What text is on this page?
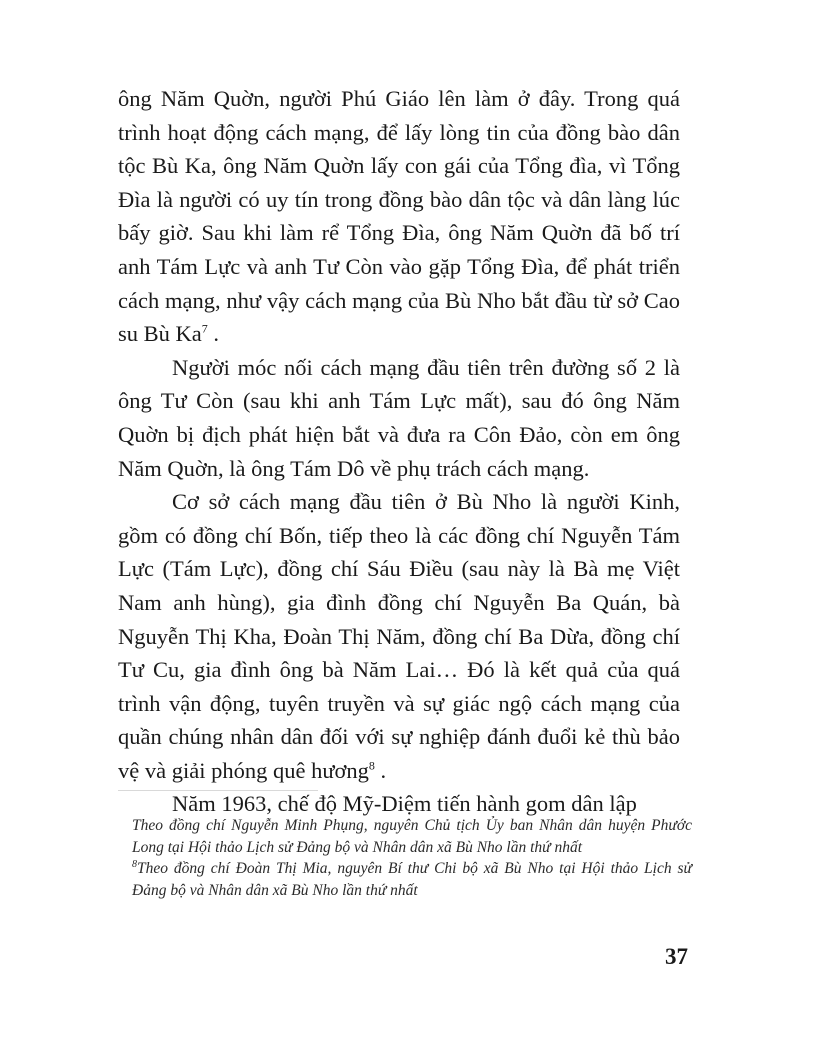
ông Năm Quờn, người Phú Giáo lên làm ở đây. Trong quá trình hoạt động cách mạng, để lấy lòng tin của đồng bào dân tộc Bù Ka, ông Năm Quờn lấy con gái của Tổng đìa, vì Tổng Đìa là người có uy tín trong đồng bào dân tộc và dân làng lúc bấy giờ. Sau khi làm rể Tổng Đìa, ông Năm Quờn đã bố trí anh Tám Lực và anh Tư Còn vào gặp Tổng Đìa, để phát triển cách mạng, như vậy cách mạng của Bù Nho bắt đầu từ sở Cao su Bù Ka$^7$ .

Người móc nối cách mạng đầu tiên trên đường số 2 là ông Tư Còn (sau khi anh Tám Lực mất), sau đó ông Năm Quờn bị địch phát hiện bắt và đưa ra Côn Đảo, còn em ông Năm Quờn, là ông Tám Dô về phụ trách cách mạng.

Cơ sở cách mạng đầu tiên ở Bù Nho là người Kinh, gồm có đồng chí Bốn, tiếp theo là các đồng chí Nguyễn Tám Lực (Tám Lực), đồng chí Sáu Điều (sau này là Bà mẹ Việt Nam anh hùng), gia đình đồng chí Nguyễn Ba Quán, bà Nguyễn Thị Kha, Đoàn Thị Năm, đồng chí Ba Dừa, đồng chí Tư Cu, gia đình ông bà Năm Lai… Đó là kết quả của quá trình vận động, tuyên truyền và sự giác ngộ cách mạng của quần chúng nhân dân đối với sự nghiệp đánh đuổi kẻ thù bảo vệ và giải phóng quê hương$^8$ .

Năm 1963, chế độ Mỹ-Diệm tiến hành gom dân lập

Theo đồng chí Nguyễn Minh Phụng, nguyên Chủ tịch Ủy ban Nhân dân huyện Phước Long tại Hội thảo Lịch sử Đảng bộ và Nhân dân xã Bù Nho lần thứ nhất

$^8$Theo đồng chí Đoàn Thị Mia, nguyên Bí thư Chi bộ xã Bù Nho tại Hội thảo Lịch sử Đảng bộ và Nhân dân xã Bù Nho lần thứ nhất

37
